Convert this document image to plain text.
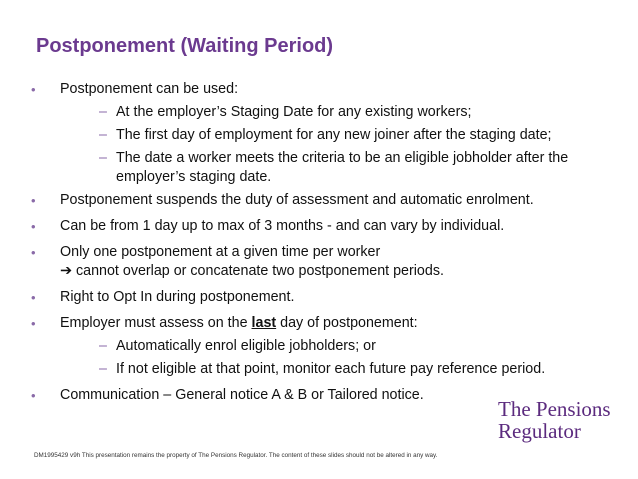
Postponement (Waiting Period)
• Postponement can be used:
– At the employer’s Staging Date for any existing workers;
– The first day of employment for any new joiner after the staging date;
– The date a worker meets the criteria to be an eligible jobholder after the employer’s staging date.
• Postponement suspends the duty of assessment and automatic enrolment.
• Can be from 1 day up to max of 3 months - and can vary by individual.
• Only one postponement at a given time per worker
➔ cannot overlap or concatenate two postponement periods.
• Right to Opt In during postponement.
• Employer must assess on the last day of postponement:
– Automatically enrol eligible jobholders; or
– If not eligible at that point, monitor each future pay reference period.
• Communication – General notice A & B or Tailored notice.
The Pensions
Regulator
DM1995429 v9h This presentation remains the property of The Pensions Regulator. The content of these slides should not be altered in any way.
